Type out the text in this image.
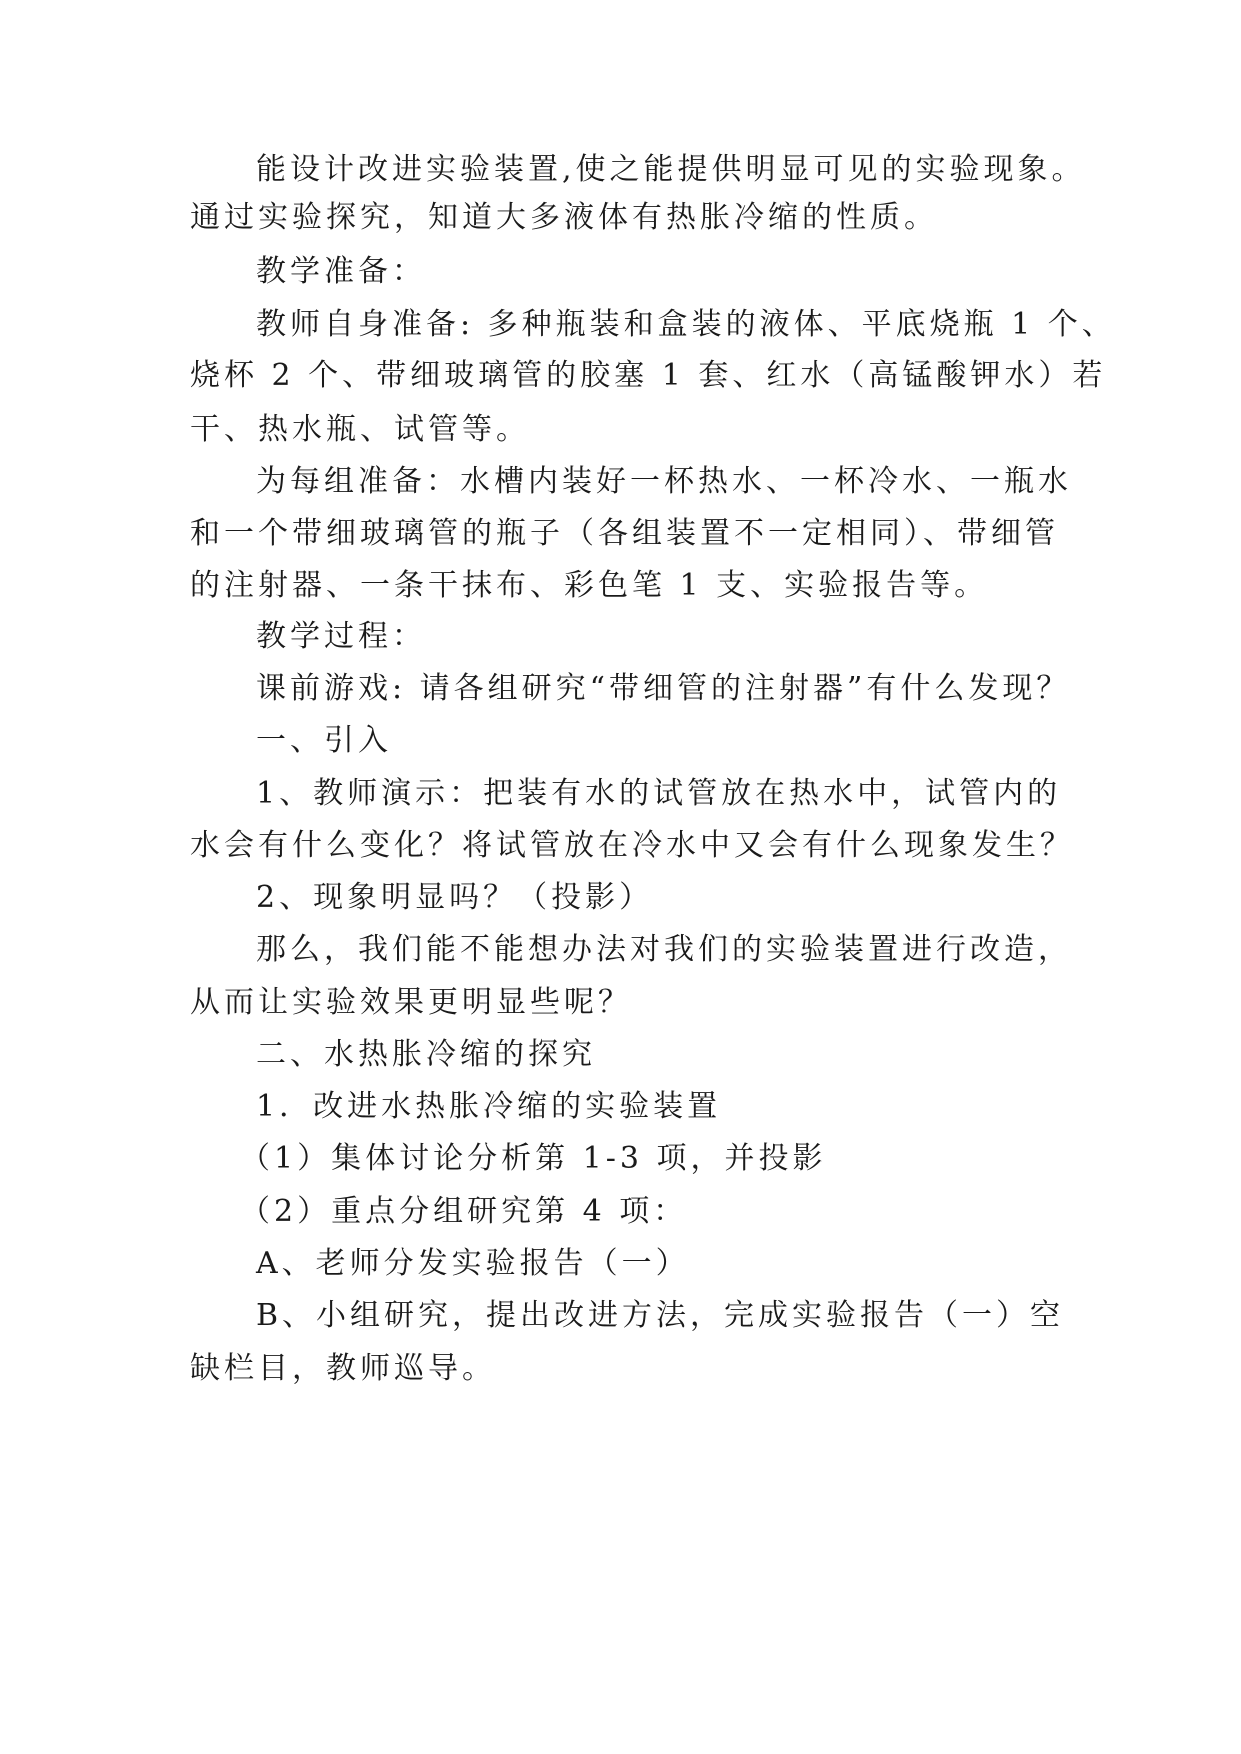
能设计改进实验装置,使之能提供明显可见的实验现象。
通过实验探究，知道大多液体有热胀冷缩的性质。
教学准备：
教师自身准备: 多种瓶装和盒装的液体、平底烧瓶 1 个、
烧杯 2 个、带细玻璃管的胶塞 1 套、红水（高锰酸钾水）若
干、热水瓶、试管等。
为每组准备：水槽内装好一杯热水、一杯冷水、一瓶水
和一个带细玻璃管的瓶子（各组装置不一定相同）、带细管
的注射器、一条干抹布、彩色笔 1 支、实验报告等。
教学过程：
课前游戏: 请各组研究“带细管的注射器”有什么发现？
一、引入
1、教师演示：把装有水的试管放在热水中，试管内的
水会有什么变化？将试管放在冷水中又会有什么现象发生？
2、现象明显吗？（投影）
那么，我们能不能想办法对我们的实验装置进行改造，
从而让实验效果更明显些呢？
二、水热胀冷缩的探究
1．改进水热胀冷缩的实验装置
（1）集体讨论分析第 1-3 项，并投影
（2）重点分组研究第 4 项：
A、老师分发实验报告（一）
B、小组研究，提出改进方法，完成实验报告（一）空
缺栏目，教师巡导。
